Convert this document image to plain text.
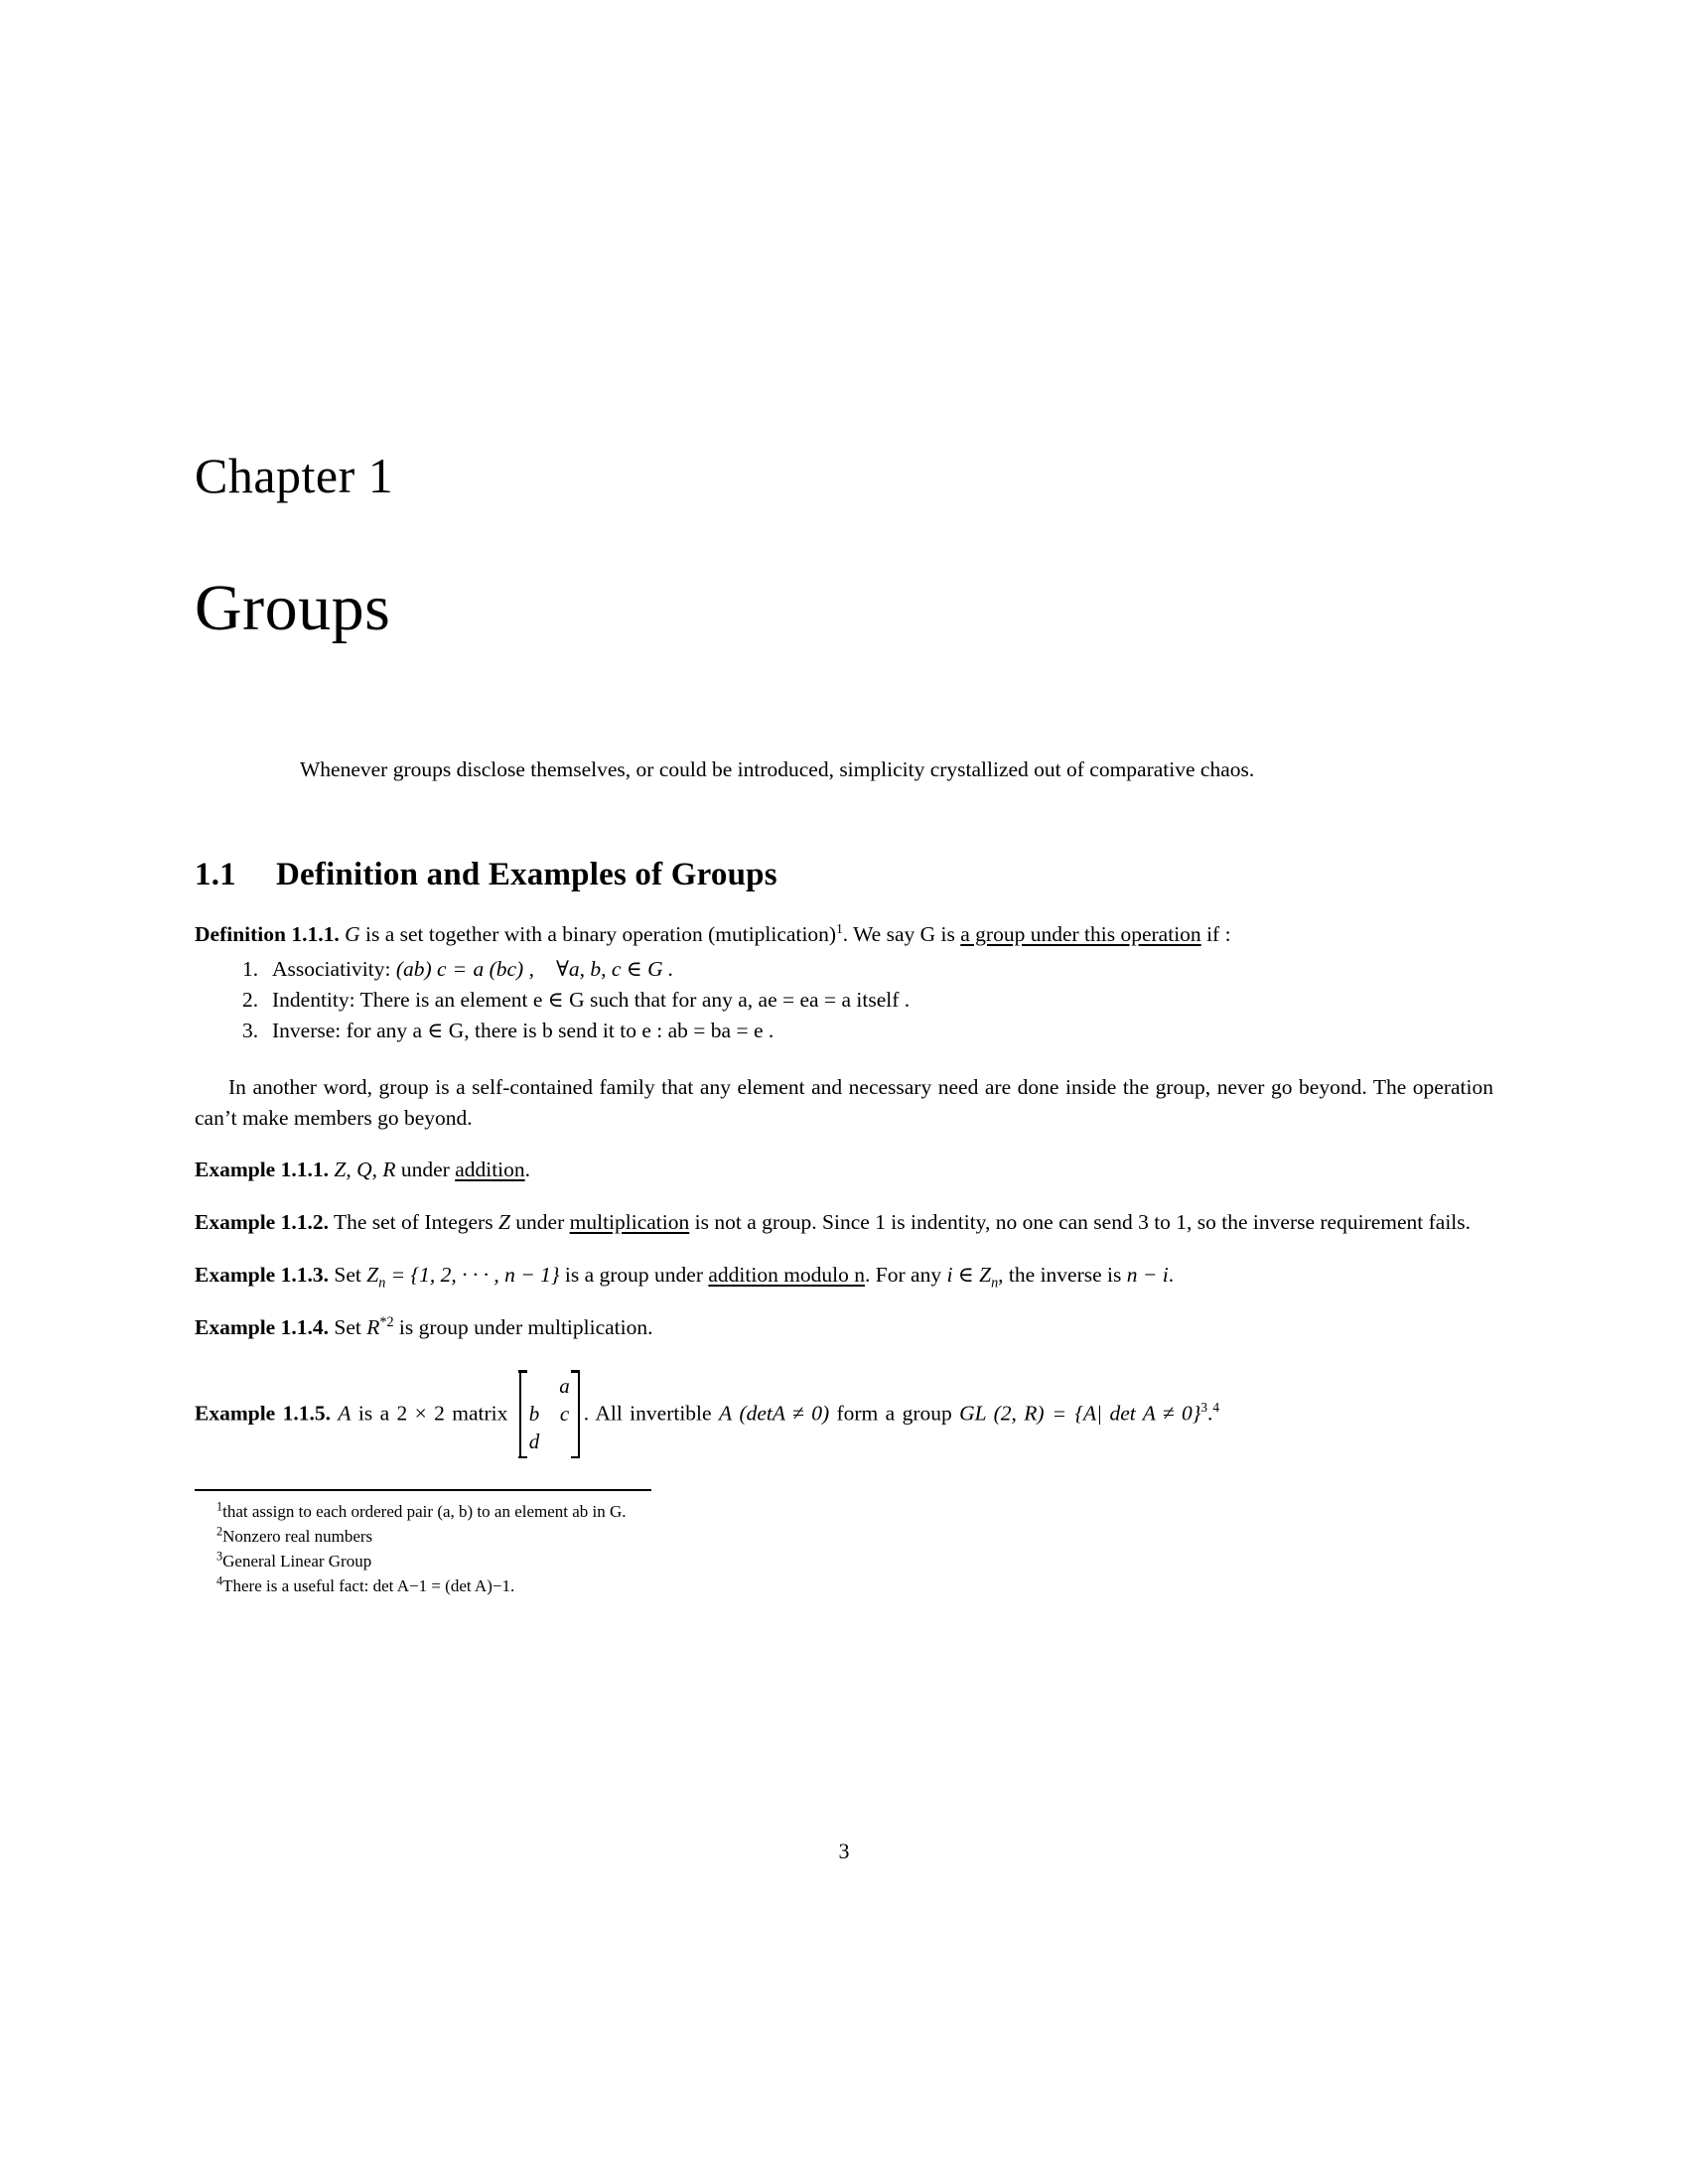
Chapter 1
Groups
Whenever groups disclose themselves, or could be introduced, simplicity crystallized out of comparative chaos.
1.1 Definition and Examples of Groups
Definition 1.1.1. G is a set together with a binary operation (mutiplication)$^1$. We say G is a group under this operation if :
1. Associativity: (ab) c = a (bc) , ∀a, b, c ∈ G .
2. Indentity: There is an element e ∈ G such that for any a, ae = ea = a itself .
3. Inverse: for any a ∈ G, there is b send it to e : ab = ba = e .
In another word, group is a self-contained family that any element and necessary need are done inside the group, never go beyond. The operation can’t make members go beyond.
Example 1.1.1. Z, Q, R under addition.
Example 1.1.2. The set of Integers Z under multiplication is not a group. Since 1 is indentity, no one can send 3 to 1, so the inverse requirement fails.
Example 1.1.3. Set $Z_n = \{1$, 2, · · · , n − 1} is a group under addition modulo n. For any i ∈ $Z_n$, the inverse is n − i.
Example 1.1.4. Set $R^{*2}$ is group under multiplication.
Example 1.1.5. A is a 2 × 2 matrix
a
b c
d
. All invertible A (detA ≠ 0) form a group GL (2, R) = {A| det A ≠ 0}$^3$.$^4$
$^1$that assign to each ordered pair (a, b) to an element ab in G.
$^2$Nonzero real numbers
$^3$General Linear Group
$^4$There is a useful fact: det A−1 = (det A)−1.
3
